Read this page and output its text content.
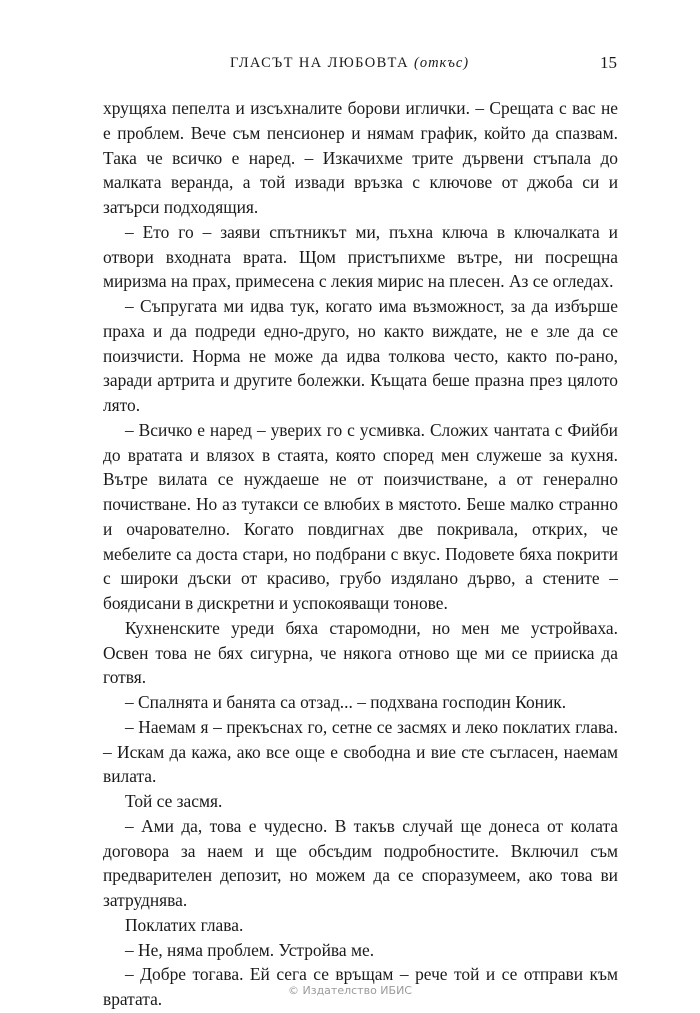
ГЛАСЪТ НА ЛЮБОВТА (откъс)	15

хрущяха пепелта и изсъхналите борови иглички. – Срещата с вас не е проблем. Вече съм пенсионер и нямам график, който да спазвам. Така че всичко е наред. – Изкачихме трите дървени стъпала до малката веранда, а той извади връзка с ключове от джоба си и затърси подходящия.

– Ето го – заяви спътникът ми, пъхна ключа в ключалката и отвори входната врата. Щом пристъпихме вътре, ни посрещна миризма на прах, примесена с лекия мирис на плесен. Аз се огледах.

– Съпругата ми идва тук, когато има възможност, за да избърше праха и да подреди едно-друго, но както виждате, не е зле да се поизчисти. Норма не може да идва толкова често, както по-рано, заради артрита и другите болежки. Къщата беше празна през цялото лято.

– Всичко е наред – уверих го с усмивка. Сложих чантата с Фийби до вратата и влязох в стаята, която според мен служеше за кухня. Вътре вилата се нуждаеше не от поизчистване, а от генерално почистване. Но аз тутакси се влюбих в мястото. Беше малко странно и очарователно. Когато повдигнах две покривала, открих, че мебелите са доста стари, но подбрани с вкус. Подовете бяха покрити с широки дъски от красиво, грубо издялано дърво, а стените – боядисани в дискретни и успокояващи тонове.

Кухненските уреди бяха старомодни, но мен ме устройваха. Освен това не бях сигурна, че някога отново ще ми се прииска да готвя.

– Спалнята и банята са отзад... – подхвана господин Коник.

– Наемам я – прекъснах го, сетне се засмях и леко поклатих глава. – Искам да кажа, ако все още е свободна и вие сте съгласен, наемам вилата.

Той се засмя.

– Ами да, това е чудесно. В такъв случай ще донеса от колата договора за наем и ще обсъдим подробностите. Включил съм предварителен депозит, но можем да се споразумеем, ако това ви затруднява.

Поклатих глава.

– Не, няма проблем. Устройва ме.

– Добре тогава. Ей сега се връщам – рече той и се отправи към вратата.	© Издателство ИБИС
